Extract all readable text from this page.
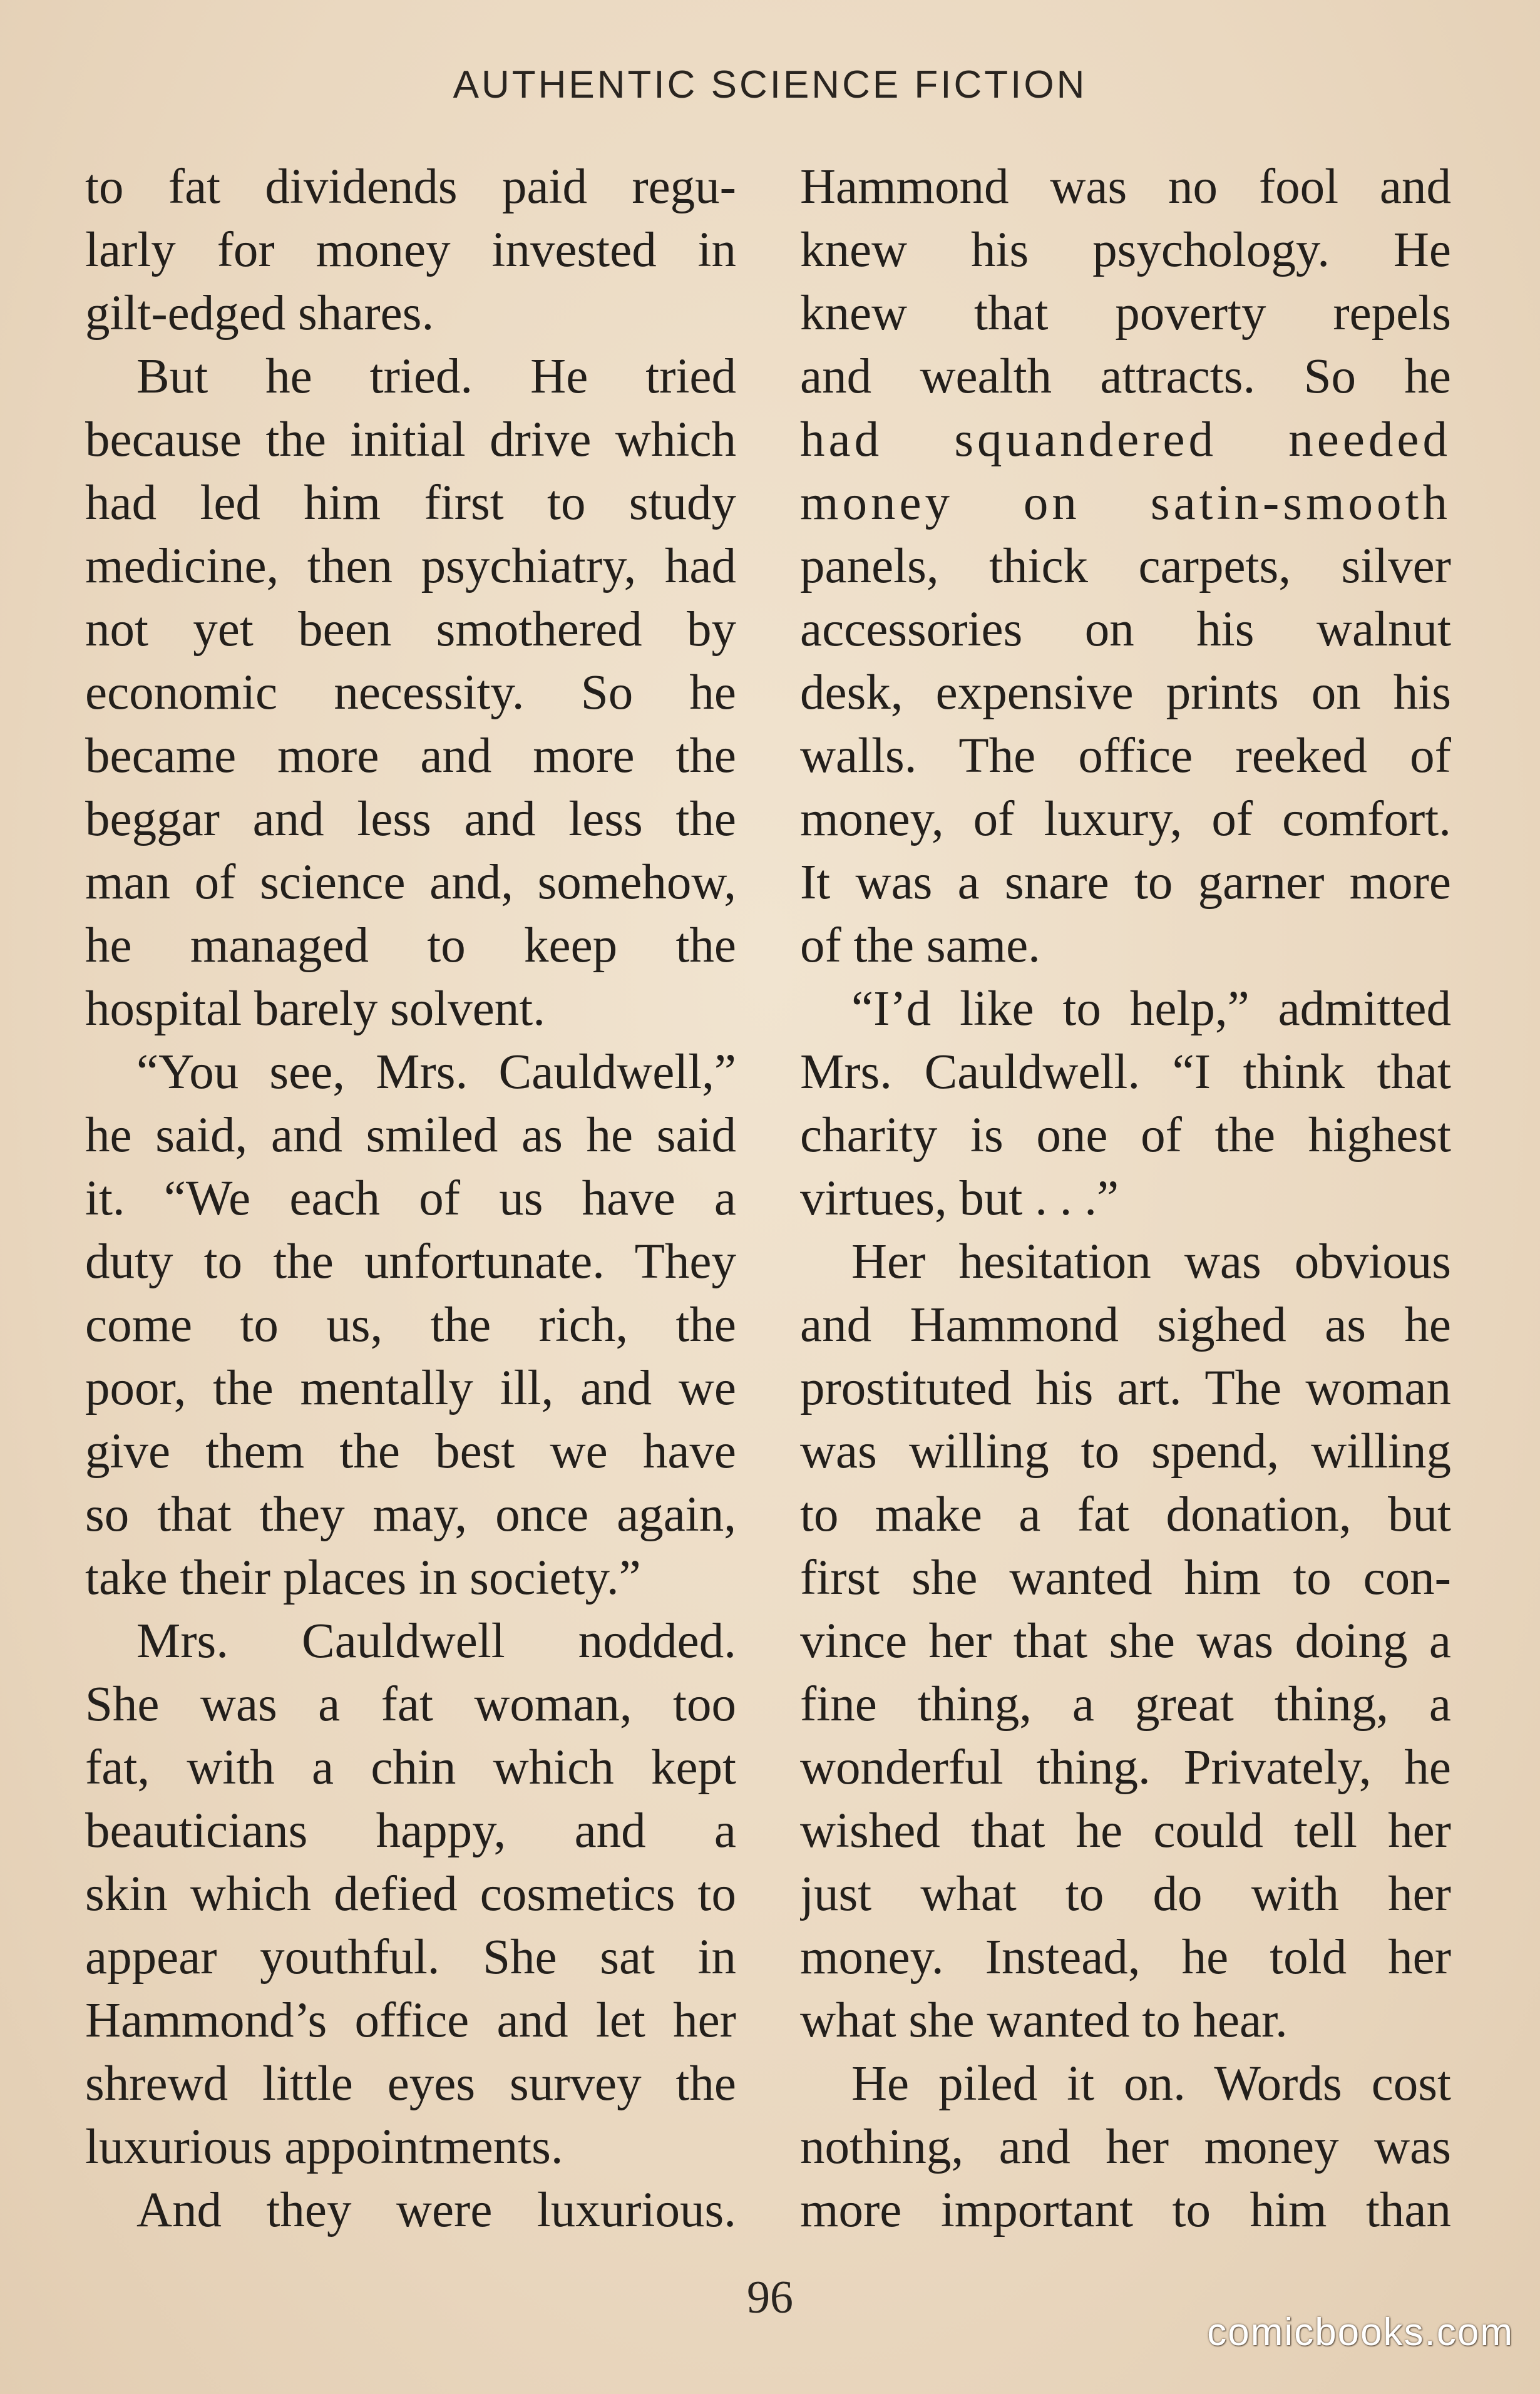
AUTHENTIC SCIENCE FICTION
to fat dividends paid regu-
larly for money invested in
gilt-edged shares.
But he tried. He tried
because the initial drive which
had led him first to study
medicine, then psychiatry, had
not yet been smothered by
economic necessity. So he
became more and more the
beggar and less and less the
man of science and, somehow,
he managed to keep the
hospital barely solvent.
“You see, Mrs. Cauldwell,”
he said, and smiled as he said
it. “We each of us have a
duty to the unfortunate. They
come to us, the rich, the
poor, the mentally ill, and we
give them the best we have
so that they may, once again,
take their places in society.”
Mrs. Cauldwell nodded.
She was a fat woman, too
fat, with a chin which kept
beauticians happy, and a
skin which defied cosmetics to
appear youthful. She sat in
Hammond’s office and let her
shrewd little eyes survey the
luxurious appointments.
And they were luxurious.
Hammond was no fool and
knew his psychology. He
knew that poverty repels
and wealth attracts. So he
had squandered needed
money on satin-smooth
panels, thick carpets, silver
accessories on his walnut
desk, expensive prints on his
walls. The office reeked of
money, of luxury, of comfort.
It was a snare to garner more
of the same.
“I’d like to help,” admitted
Mrs. Cauldwell. “I think that
charity is one of the highest
virtues, but . . .”
Her hesitation was obvious
and Hammond sighed as he
prostituted his art. The woman
was willing to spend, willing
to make a fat donation, but
first she wanted him to con-
vince her that she was doing a
fine thing, a great thing, a
wonderful thing. Privately, he
wished that he could tell her
just what to do with her
money. Instead, he told her
what she wanted to hear.
He piled it on. Words cost
nothing, and her money was
more important to him than
96
comicbooks.com
